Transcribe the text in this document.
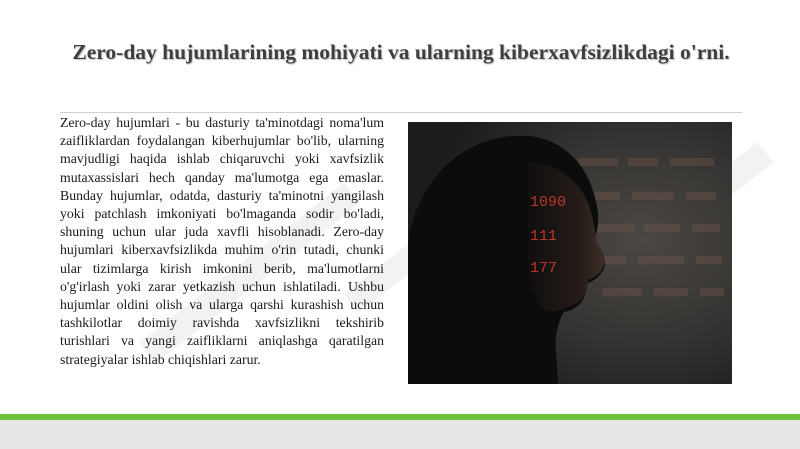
Zero-day hujumlarining mohiyati va ularning kiberxavfsizlikdagi o'rni.

Zero-day hujumlari - bu dasturiy ta'minotdagi noma'lum zaifliklardan foydalangan kiberhujumlar bo'lib, ularning mavjudligi haqida ishlab chiqaruvchi yoki xavfsizlik mutaxassislari hech qanday ma'lumotga ega emaslar. Bunday hujumlar, odatda, dasturiy ta'minotni yangilash yoki patchlash imkoniyati bo'lmaganda sodir bo'ladi, shuning uchun ular juda xavfli hisoblanadi. Zero-day hujumlari kiberxavfsizlikda muhim o'rin tutadi, chunki ular tizimlarga kirish imkonini berib, ma'lumotlarni o'g'irlash yoki zarar yetkazish uchun ishlatiladi. Ushbu hujumlar oldini olish va ularga qarshi kurashish uchun tashkilotlar doimiy ravishda xavfsizlikni tekshirib turishlari va yangi zaifliklarni aniqlashga qaratilgan strategiyalar ishlab chiqishlari zarur.

1090
111
177
